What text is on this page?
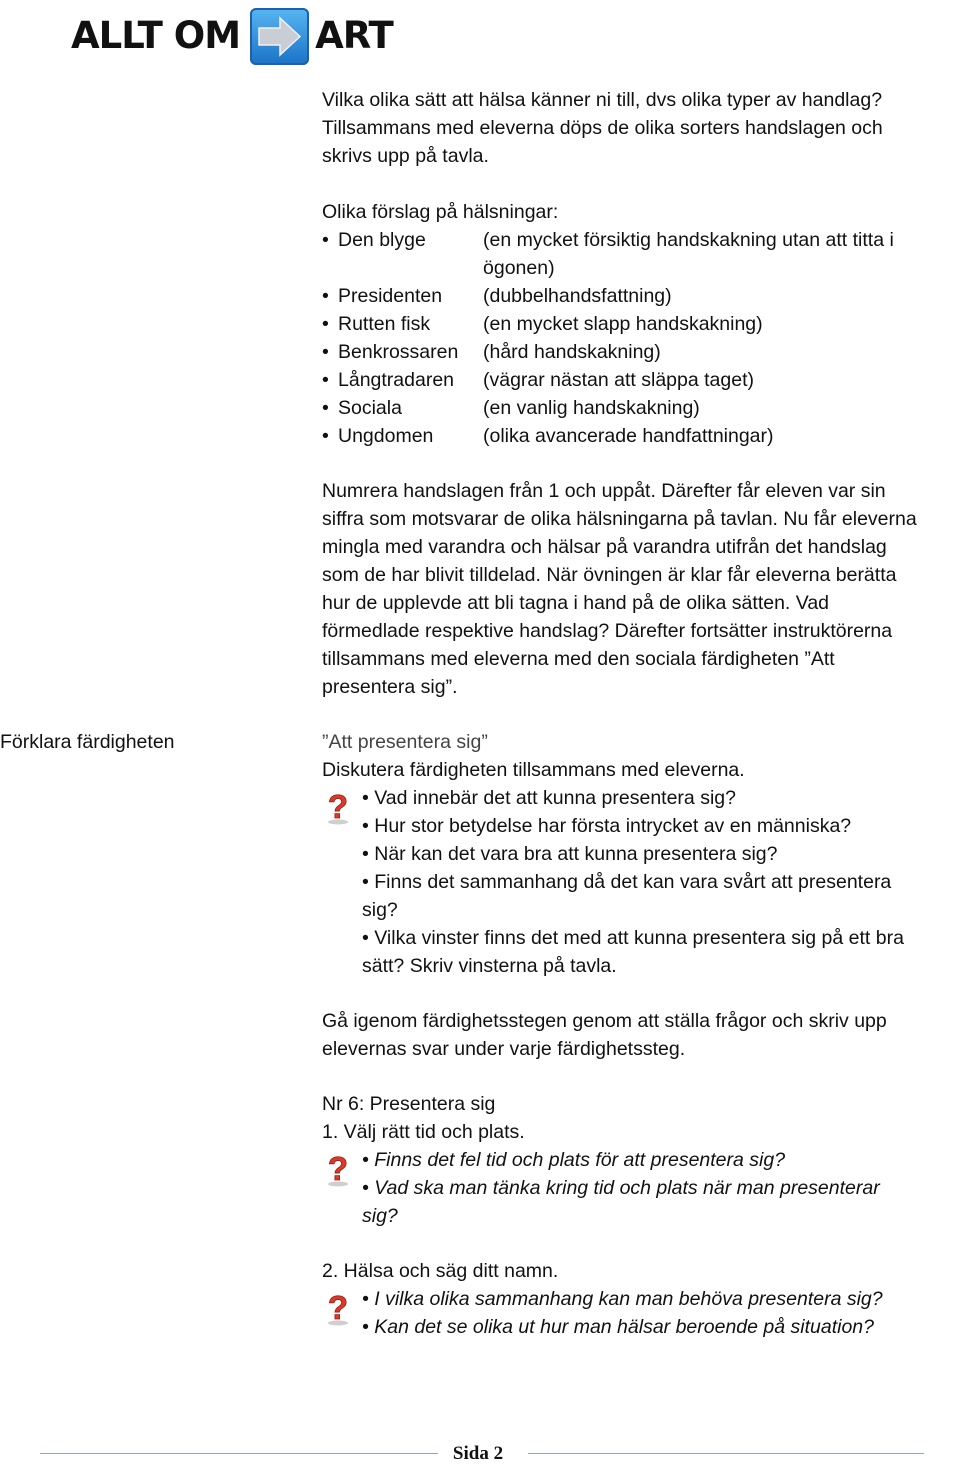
ALLT OM ART
Vilka olika sätt att hälsa känner ni till, dvs olika typer av handlag?
Tillsammans med eleverna döps de olika sorters handslagen och
skrivs upp på tavla.
Olika förslag på hälsningar:
• Den blyge	(en mycket försiktig handskakning utan att titta i
ögonen)
• Presidenten (dubbelhandsfattning)
• Rutten fisk	(en mycket slapp handskakning)
• Benkrossaren (hård handskakning)
• Långtradaren (vägrar nästan att släppa taget)
• Sociala	(en vanlig handskakning)
• Ungdomen	(olika avancerade handfattningar)
Numrera handslagen från 1 och uppåt. Därefter får eleven var sin
siffra som motsvarar de olika hälsningarna på tavlan. Nu får eleverna
mingla med varandra och hälsar på varandra utifrån det handslag
som de har blivit tilldelad. När övningen är klar får eleverna berätta
hur de upplevde att bli tagna i hand på de olika sätten. Vad
förmedlade respektive handslag? Därefter fortsätter instruktörerna
tillsammans med eleverna med den sociala färdigheten ”Att
presentera sig”.
Förklara färdigheten	”Att presentera sig”
Diskutera färdigheten tillsammans med eleverna.
? • Vad innebär det att kunna presentera sig?
• Hur stor betydelse har första intrycket av en människa?
• När kan det vara bra att kunna presentera sig?
• Finns det sammanhang då det kan vara svårt att presentera
sig?
• Vilka vinster finns det med att kunna presentera sig på ett bra
sätt? Skriv vinsterna på tavla.
Gå igenom färdighetsstegen genom att ställa frågor och skriv upp
elevernas svar under varje färdighetssteg.
Nr 6: Presentera sig
1. Välj rätt tid och plats.
? • Finns det fel tid och plats för att presentera sig?
• Vad ska man tänka kring tid och plats när man presenterar
sig?
2. Hälsa och säg ditt namn.
? • I vilka olika sammanhang kan man behöva presentera sig?
• Kan det se olika ut hur man hälsar beroende på situation?
Sida 2
